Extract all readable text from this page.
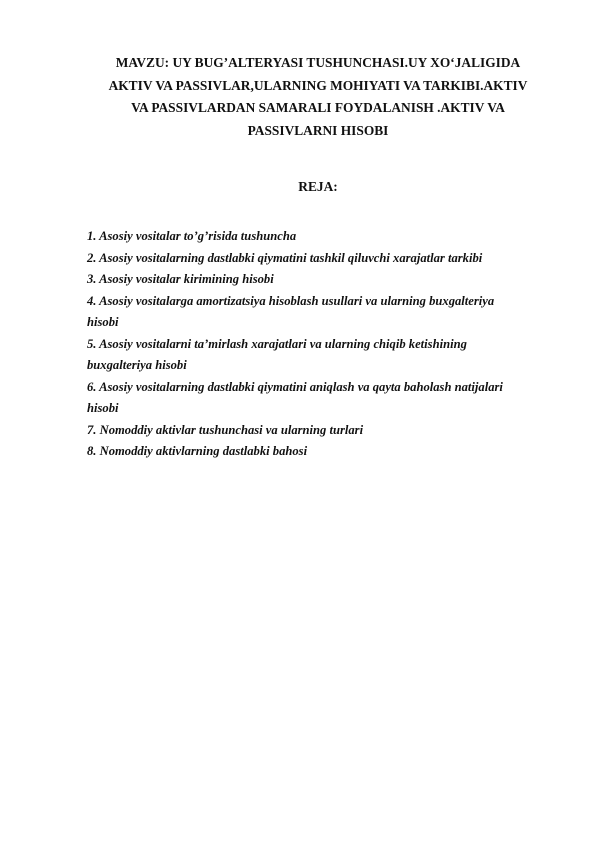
MAVZU: UY BUG’ALTERYASI TUSHUNCHASI.UY XO‘JALIGIDA
AKTIV VA PASSIVLAR,ULARNING MOHIYATI VA TARKIBI.AKTIV
VA PASSIVLARDAN SAMARALI FOYDALANISH .AKTIV VA
PASSIVLARNI HISOBI
REJA:
1. Asosiy vositalar to’g’risida tushuncha
2. Asosiy vositalarning dastlabki qiymatini tashkil qiluvchi xarajatlar tarkibi
3. Asosiy vositalar kirimining hisobi
4. Asosiy vositalarga amortizatsiya hisoblash usullari va ularning buxgalteriya
hisobi
5. Asosiy vositalarni ta’mirlash xarajatlari va ularning chiqib ketishining
buxgalteriya hisobi
6. Asosiy vositalarning dastlabki qiymatini aniqlash va qayta baholash natijalari
hisobi
7. Nomoddiy aktivlar tushunchasi va ularning turlari
8. Nomoddiy aktivlarning dastlabki bahosi
